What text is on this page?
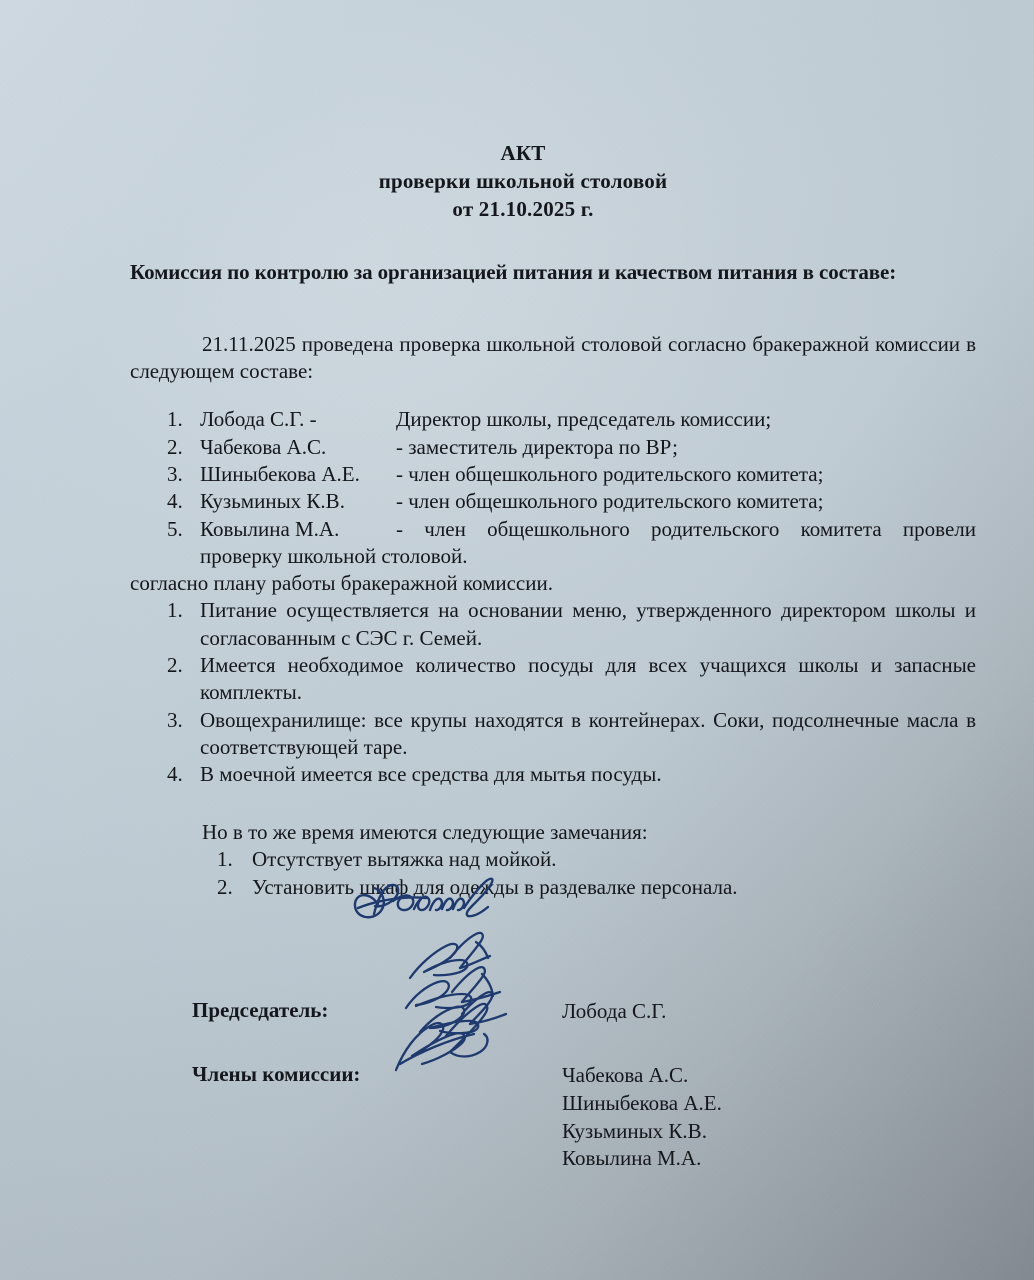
АКТ
проверки школьной столовой
от 21.10.2025 г.
Комиссия по контролю за организацией питания и качеством питания в составе:

21.11.2025 проведена проверка школьной столовой согласно бракеражной комиссии в следующем составе:

1. Лобода С.Г. -	Директор школы, председатель комиссии;
2. Чабекова А.С.	- заместитель директора по ВР;
3. Шиныбекова А.Е. - член общешкольного родительского комитета;
4. Кузьминых К.В. - член общешкольного родительского комитета;
5. Ковылина М.А.	- член общешкольного родительского комитета провели проверку школьной столовой.

согласно плану работы бракеражной комиссии.

1. Питание осуществляется на основании меню, утвержденного директором школы и согласованным с СЭС г. Семей.
2. Имеется необходимое количество посуды для всех учащихся школы и запасные комплекты.
3. Овощехранилище: все крупы находятся в контейнерах. Соки, подсолнечные масла в соответствующей таре.
4. В моечной имеется все средства для мытья посуды.

Но в то же время имеются следующие замечания:

1. Отсутствует вытяжка над мойкой.
2. Установить шкаф для одежды в раздевалке персонала.
Председатель:	Лобода С.Г.
Члены комиссии:	Чабекова А.С.
Шиныбекова А.Е.
Кузьминых К.В.
Ковылина М.А.
